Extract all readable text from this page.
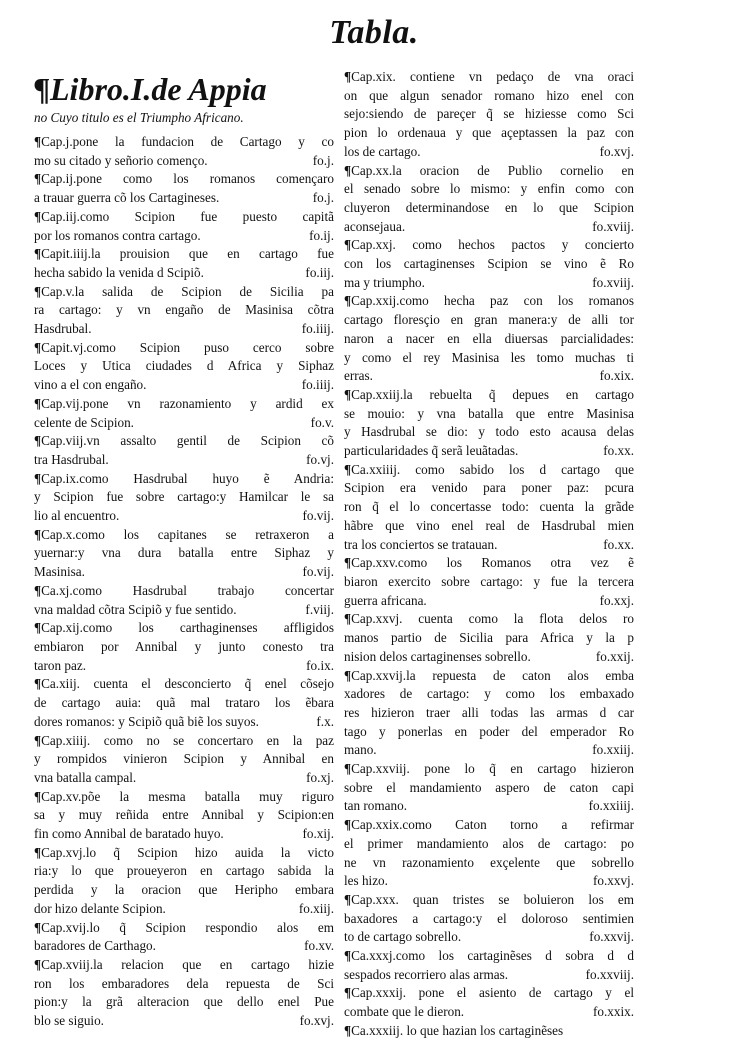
Tabla.
¶Libro.I.de Appia
no Cuyo titulo es el Triumpho Africano.
¶Cap.j.pone la fundacion de Cartago y co
mo su citado y señorio començo.	fo.j.
¶Cap.ij.pone como los romanos començaro
a trauar guerra cõ los Cartagineses.	fo.j.
¶Cap.iij.como Scipion fue puesto capitã
por los romanos contra cartago.	fo.ij.
¶Capit.iiij.la prouision que en cartago fue
hecha sabido la venida d Scipiõ.	fo.iij.
¶Cap.v.la salida de Scipion de Sicilia pa
ra cartago: y vn engaño de Masinisa cõtra
Hasdrubal.	fo.iiij.
¶Capit.vj.como Scipion puso cerco sobre
Loces y Utica ciudades d Africa y Siphaz
vino a el con engaño.	fo.iiij.
¶Cap.vij.pone vn razonamiento y ardid ex
celente de Scipion.	fo.v.
¶Cap.viij.vn assalto gentil de Scipion cõ
tra Hasdrubal.	fo.vj.
¶Cap.ix.como Hasdrubal huyo ẽ Andria:
y Scipion fue sobre cartago:y Hamilcar le sa
lio al encuentro.	fo.vij.
¶Cap.x.como los capitanes se retraxeron a
yuernar:y vna dura batalla entre Siphaz y
Masinisa.	fo.vij.
¶Ca.xj.como Hasdrubal trabajo concertar
vna maldad cõtra Scipiõ y fue sentido.	f.viij.
¶Cap.xij.como los carthaginenses affligidos
embiaron por Annibal y junto conesto tra
taron paz.	fo.ix.
¶Ca.xiij. cuenta el desconcierto q̃ enel cõsejo
de cartago auia: quã mal trataro los ẽbara
dores romanos: y Scipiõ quã biẽ los suyos.	f.x.
¶Cap.xiiij. como no se concertaro en la paz
y rompidos vinieron Scipion y Annibal en
vna batalla campal.	fo.xj.
¶Cap.xv.põe la mesma batalla muy riguro
sa y muy reñida entre Annibal y Scipion:en
fin como Annibal de baratado huyo.	fo.xij.
¶Cap.xvj.lo q̃ Scipion hizo auida la victo
ria:y lo que proueyeron en cartago sabida la
perdida y la oracion que Heripho embara
dor hizo delante Scipion.	fo.xiij.
¶Cap.xvij.lo q̃ Scipion respondio alos em
baradores de Carthago.	fo.xv.
¶Cap.xviij.la relacion que en cartago hizie
ron los embaradores dela repuesta de Sci
pion:y la grã alteracion que dello enel Pue
blo se siguio.	fo.xvj.
¶Cap.xix. contiene vn pedaço de vna oraci
on que algun senador romano hizo enel con
sejo:siendo de pareçer q̃ se hiziesse como Sci
pion lo ordenaua y que açeptassen la paz con
los de cartago.	fo.xvj.
¶Cap.xx.la oracion de Publio cornelio en
el senado sobre lo mismo: y enfin como con
cluyeron determinandose en lo que Scipion
aconsejaua.	fo.xviij.
¶Cap.xxj. como hechos pactos y concierto
con los cartaginenses Scipion se vino ẽ Ro
ma y triumpho.	fo.xviij.
¶Cap.xxij.como hecha paz con los romanos
cartago floresçio en gran manera:y de alli tor
naron a nacer en ella diuersas parcialidades:
y como el rey Masinisa les tomo muchas ti
erras.	fo.xix.
¶Cap.xxiij.la rebuelta q̃ depues en cartago
se mouio: y vna batalla que entre Masinisa
y Hasdrubal se dio: y todo esto acausa delas
particularidades q̃ serã leuãtadas.	fo.xx.
¶Ca.xxiiij. como sabido los d cartago que
Scipion era venido para poner paz: pcura
ron q̃ el lo concertasse todo: cuenta la grãde
hãbre que vino enel real de Hasdrubal mien
tra los conciertos se tratauan.	fo.xx.
¶Cap.xxv.como los Romanos otra vez ẽ
biaron exercito sobre cartago: y fue la tercera
guerra africana.	fo.xxj.
¶Cap.xxvj. cuenta como la flota delos ro
manos partio de Sicilia para Africa y la p
nision delos cartaginenses sobrello.	fo.xxij.
¶Cap.xxvij.la repuesta de caton alos emba
xadores de cartago: y como los embaxado
res hizieron traer alli todas las armas d car
tago y ponerlas en poder del emperador Ro
mano.	fo.xxiij.
¶Cap.xxviij. pone lo q̃ en cartago hizieron
sobre el mandamiento aspero de caton capi
tan romano.	fo.xxiiij.
¶Cap.xxix.como Caton torno a refirmar
el primer mandamiento alos de cartago: po
ne vn razonamiento exçelente que sobrello
les hizo.	fo.xxvj.
¶Cap.xxx. quan tristes se boluieron los em
baxadores a cartago:y el doloroso sentimien
to de cartago sobrello.	fo.xxvij.
¶Ca.xxxj.como los cartaginẽses d sobra d d
sespados recorriero alas armas.	fo.xxviij.
¶Cap.xxxij. pone el asiento de cartago y el
combate que le dieron.	fo.xxix.
¶Ca.xxxiij. lo que hazian los cartaginẽses
